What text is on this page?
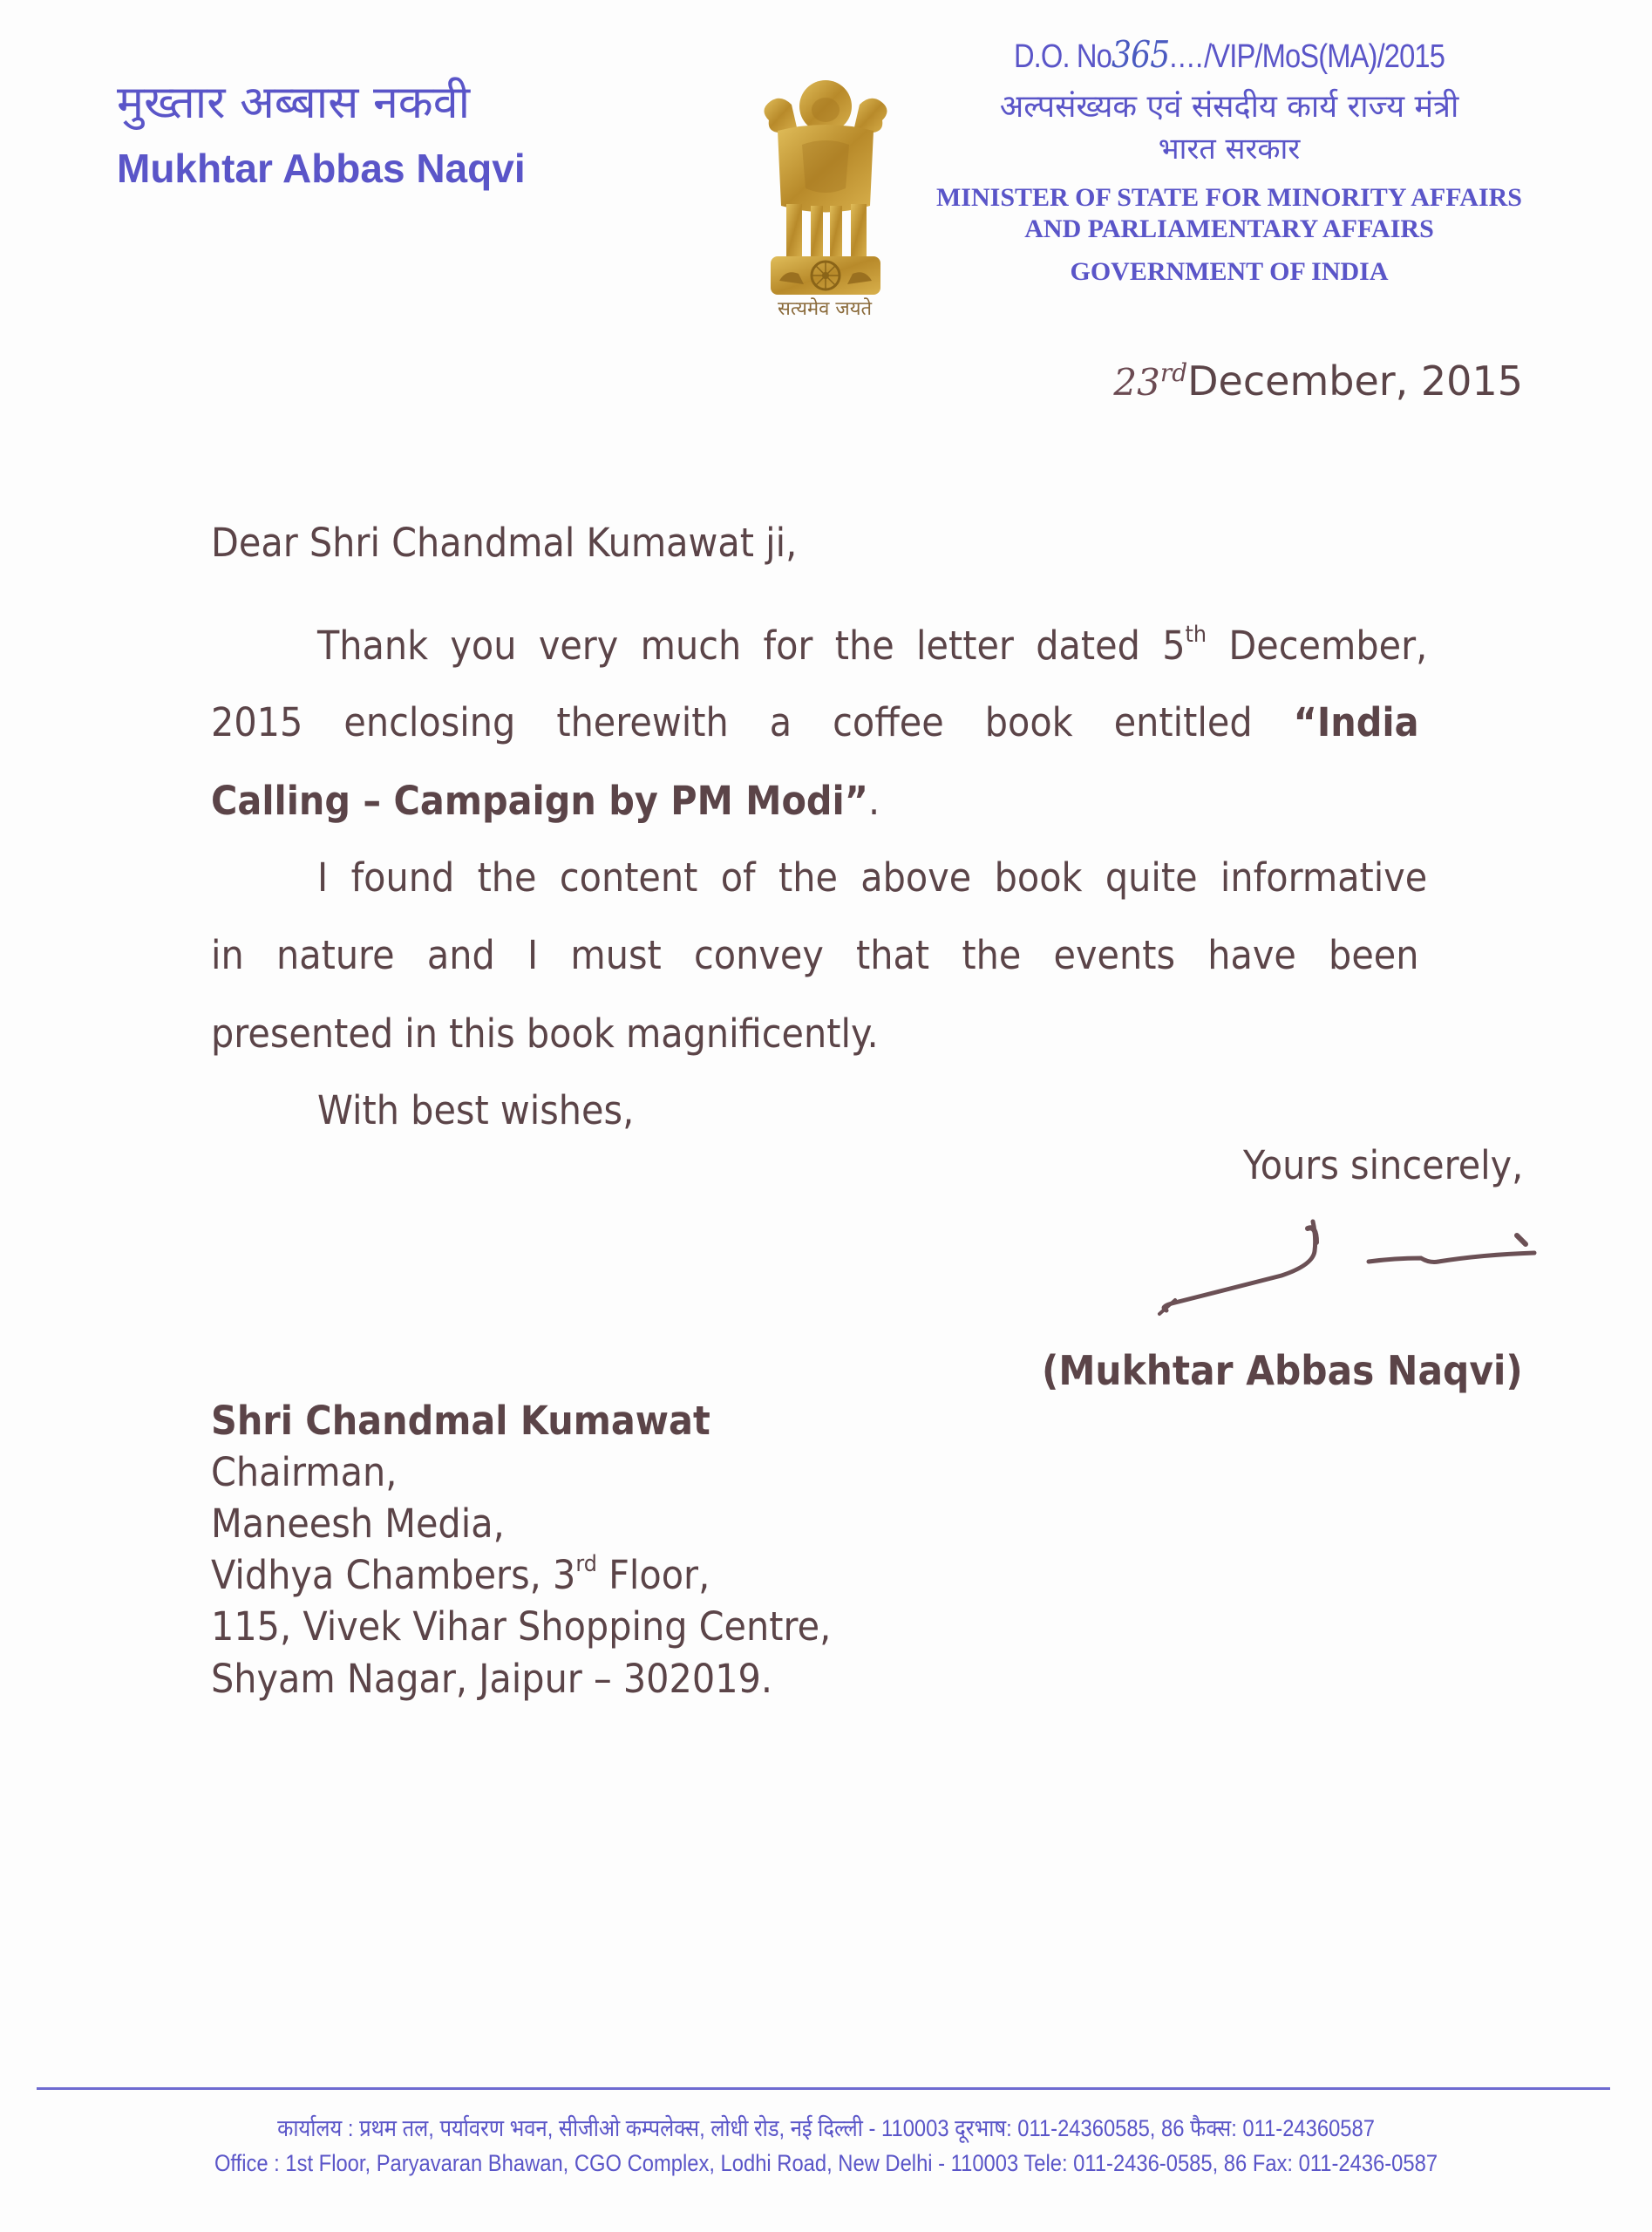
मुख्तार अब्बास नकवी
Mukhtar Abbas Naqvi
सत्यमेव जयते
D.O. No365..../VIP/MoS(MA)/2015
अल्पसंख्यक एवं संसदीय कार्य राज्य मंत्री
भारत सरकार
MINISTER OF STATE FOR MINORITY AFFAIRS
AND PARLIAMENTARY AFFAIRS
GOVERNMENT OF INDIA
23rdDecember, 2015
Dear Shri Chandmal Kumawat ji,
Thank you very much for the letter dated 5th December,
2015 enclosing therewith a coffee book entitled “India
Calling – Campaign by PM Modi”.
I found the content of the above book quite informative
in nature and I must convey that the events have been
presented in this book magnificently.
With best wishes,
Yours sincerely,
(Mukhtar Abbas Naqvi)
Shri Chandmal Kumawat
Chairman,
Maneesh Media,
Vidhya Chambers, 3rd Floor,
115, Vivek Vihar Shopping Centre,
Shyam Nagar, Jaipur – 302019.
कार्यालय : प्रथम तल, पर्यावरण भवन, सीजीओ कम्पलेक्स, लोधी रोड, नई दिल्ली - 110003 दूरभाष: 011-24360585, 86 फैक्स: 011-24360587
Office : 1st Floor, Paryavaran Bhawan, CGO Complex, Lodhi Road, New Delhi - 110003 Tele: 011-2436-0585, 86 Fax: 011-2436-0587
